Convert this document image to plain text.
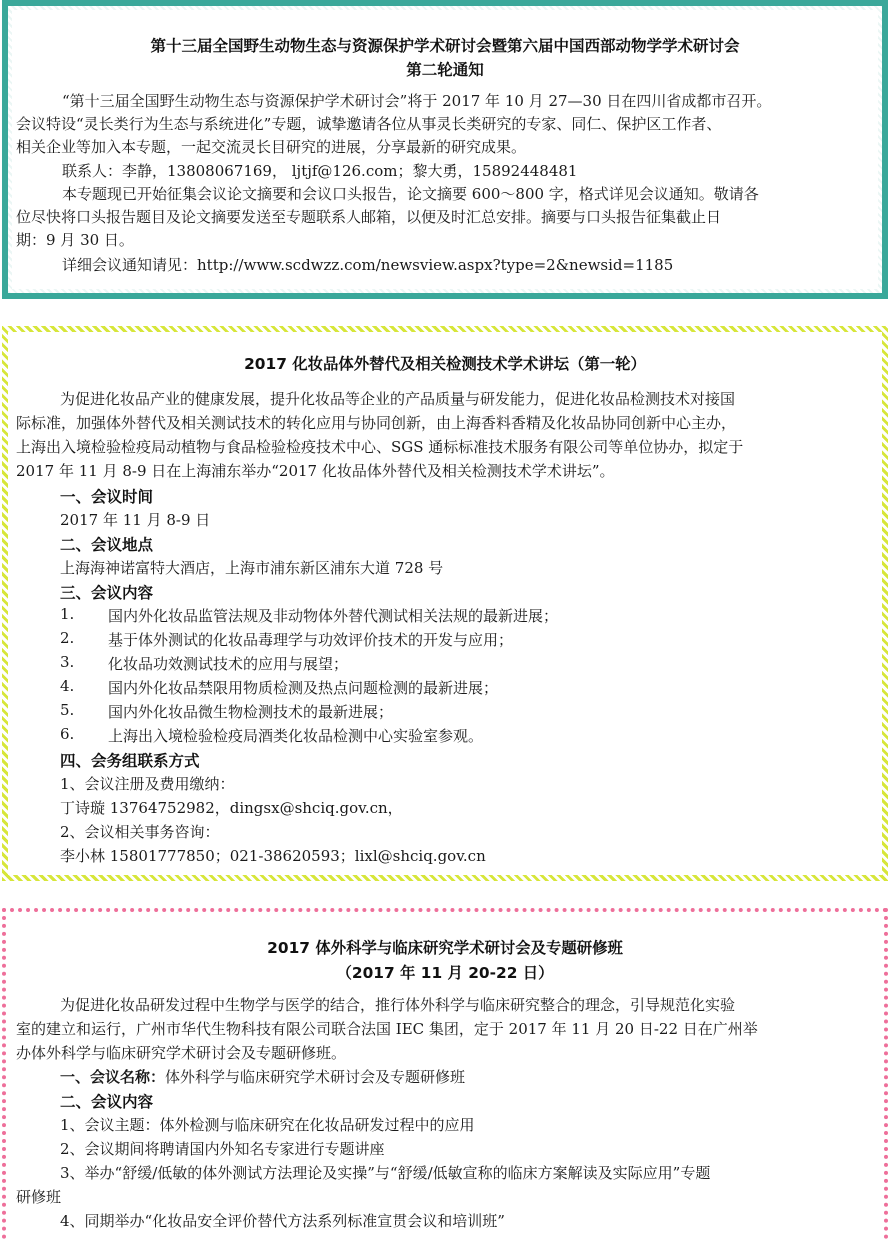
第十三届全国野生动物生态与资源保护学术研讨会暨第六届中国西部动物学学术研讨会
第二轮通知
“第十三届全国野生动物生态与资源保护学术研讨会”将于 2017 年 10 月 27—30 日在四川省成都市召开。
会议特设“灵长类行为生态与系统进化”专题，诚挚邀请各位从事灵长类研究的专家、同仁、保护区工作者、
相关企业等加入本专题，一起交流灵长目研究的进展，分享最新的研究成果。
联系人：李静，13808067169， ljtjf@126.com；黎大勇，15892448481
本专题现已开始征集会议论文摘要和会议口头报告，论文摘要 600～800 字，格式详见会议通知。敬请各
位尽快将口头报告题目及论文摘要发送至专题联系人邮箱，以便及时汇总安排。摘要与口头报告征集截止日
期：9 月 30 日。
详细会议通知请见：http://www.scdwzz.com/newsview.aspx?type=2&newsid=1185
2017 化妆品体外替代及相关检测技术学术讲坛（第一轮）
为促进化妆品产业的健康发展，提升化妆品等企业的产品质量与研发能力，促进化妆品检测技术对接国
际标准，加强体外替代及相关测试技术的转化应用与协同创新，由上海香料香精及化妆品协同创新中心主办，
上海出入境检验检疫局动植物与食品检验检疫技术中心、SGS 通标标准技术服务有限公司等单位协办，拟定于
2017 年 11 月 8-9 日在上海浦东举办“2017 化妆品体外替代及相关检测技术学术讲坛”。
一、会议时间
2017 年 11 月 8-9 日
二、会议地点
上海海神诺富特大酒店，上海市浦东新区浦东大道 728 号
三、会议内容
1. 国内外化妆品监管法规及非动物体外替代测试相关法规的最新进展；
2. 基于体外测试的化妆品毒理学与功效评价技术的开发与应用；
3. 化妆品功效测试技术的应用与展望；
4. 国内外化妆品禁限用物质检测及热点问题检测的最新进展；
5. 国内外化妆品微生物检测技术的最新进展；
6. 上海出入境检验检疫局酒类化妆品检测中心实验室参观。
四、会务组联系方式
1、会议注册及费用缴纳：
丁诗璇 13764752982，dingsx@shciq.gov.cn，
2、会议相关事务咨询：
李小林 15801777850；021-38620593；lixl@shciq.gov.cn
2017 体外科学与临床研究学术研讨会及专题研修班
（2017 年 11 月 20-22 日）
为促进化妆品研发过程中生物学与医学的结合，推行体外科学与临床研究整合的理念，引导规范化实验
室的建立和运行，广州市华代生物科技有限公司联合法国 IEC 集团，定于 2017 年 11 月 20 日-22 日在广州举
办体外科学与临床研究学术研讨会及专题研修班。
一、会议名称：体外科学与临床研究学术研讨会及专题研修班
二、会议内容
1、会议主题：体外检测与临床研究在化妆品研发过程中的应用
2、会议期间将聘请国内外知名专家进行专题讲座
3、举办“舒缓/低敏的体外测试方法理论及实操”与“舒缓/低敏宣称的临床方案解读及实际应用”专题
研修班
4、同期举办“化妆品安全评价替代方法系列标准宣贯会议和培训班”
